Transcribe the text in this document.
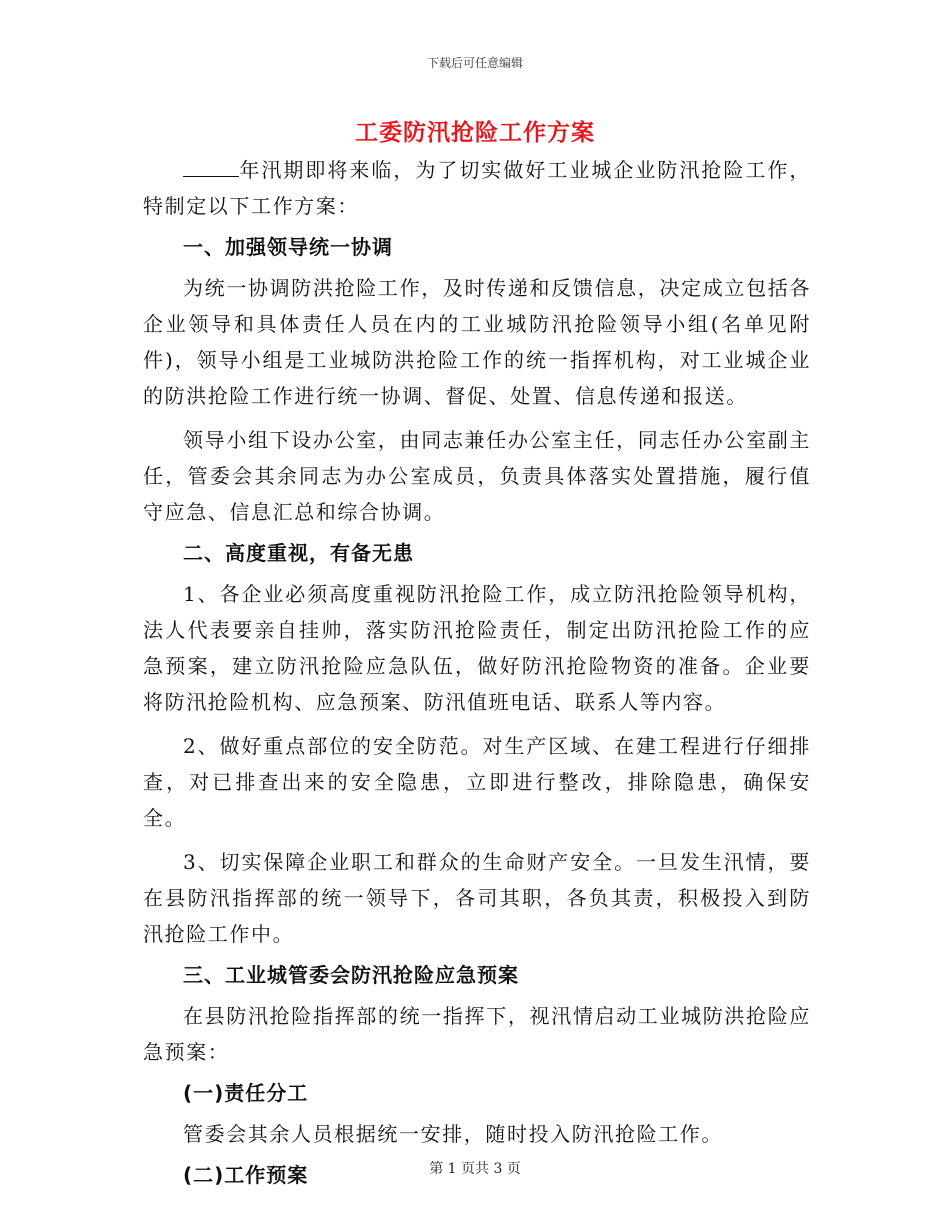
下载后可任意编辑
工委防汛抢险工作方案

年汛期即将来临，为了切实做好工业城企业防汛抢险工作，特制定以下工作方案：

一、加强领导统一协调

为统一协调防洪抢险工作，及时传递和反馈信息，决定成立包括各企业领导和具体责任人员在内的工业城防汛抢险领导小组(名单见附件)，领导小组是工业城防洪抢险工作的统一指挥机构，对工业城企业的防洪抢险工作进行统一协调、督促、处置、信息传递和报送。

领导小组下设办公室，由同志兼任办公室主任，同志任办公室副主任，管委会其余同志为办公室成员，负责具体落实处置措施，履行值守应急、信息汇总和综合协调。

二、高度重视，有备无患

1、各企业必须高度重视防汛抢险工作，成立防汛抢险领导机构，法人代表要亲自挂帅，落实防汛抢险责任，制定出防汛抢险工作的应急预案，建立防汛抢险应急队伍，做好防汛抢险物资的准备。企业要将防汛抢险机构、应急预案、防汛值班电话、联系人等内容。

2、做好重点部位的安全防范。对生产区域、在建工程进行仔细排查，对已排查出来的安全隐患，立即进行整改，排除隐患，确保安全。

3、切实保障企业职工和群众的生命财产安全。一旦发生汛情，要在县防汛指挥部的统一领导下，各司其职，各负其责，积极投入到防汛抢险工作中。

三、工业城管委会防汛抢险应急预案

在县防汛抢险指挥部的统一指挥下，视汛情启动工业城防洪抢险应急预案：

(一)责任分工

管委会其余人员根据统一安排，随时投入防汛抢险工作。

(二)工作预案	第 1 页共 3 页
